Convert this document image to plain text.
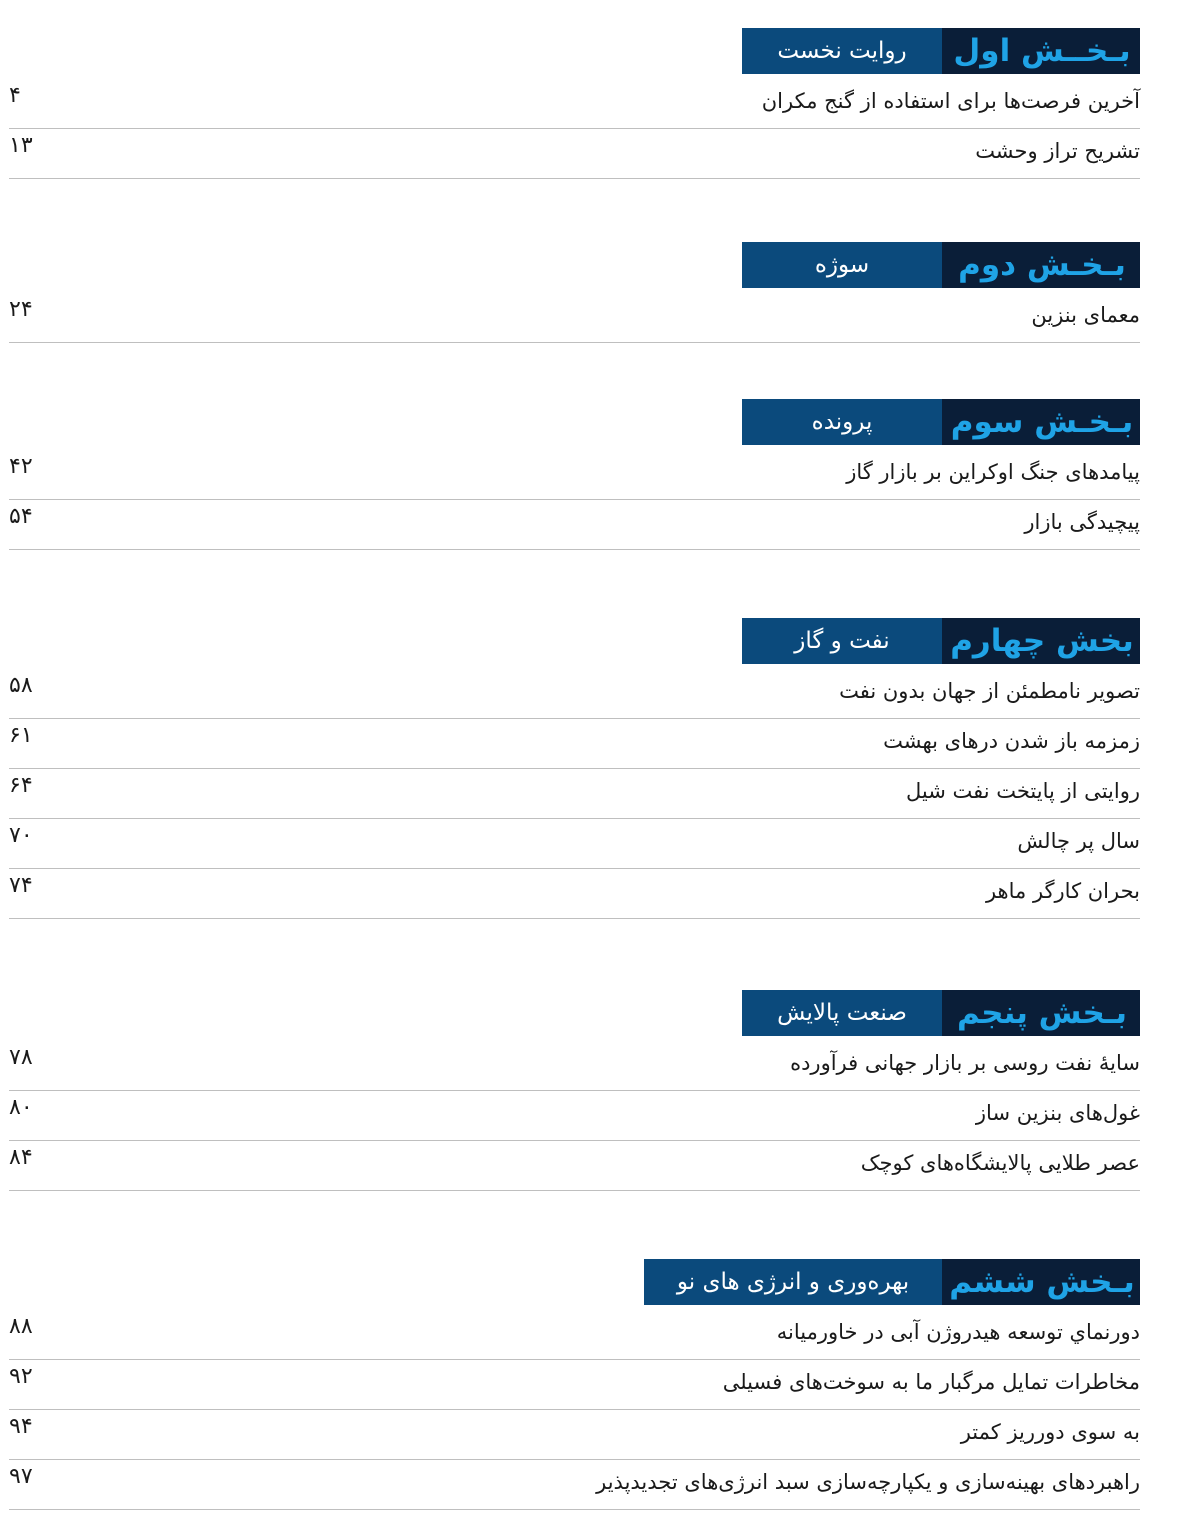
بـخــش اول
روایت نخست
آخرین فرصت‌ها برای استفاده از گنج مکران
۴
تشریح تراز وحشت
۱۳
بـخـش دوم
سوژه
معمای بنزین
۲۴
بـخـش سوم
پرونده
پیامدهای جنگ اوکراین بر بازار گاز
۴۲
پیچیدگی بازار
۵۴
بخش چهارم
نفت و گاز
تصویر نامطمئن از جهان بدون نفت
۵۸
زمزمه باز شدن درهای بهشت
۶۱
روایتی از پایتخت نفت شیل
۶۴
سال پر چالش
۷۰
بحران کارگر ماهر
۷۴
بـخش پنجم
صنعت پالایش
سایهٔ نفت روسی بر بازار جهانی فرآورده
۷۸
غول‌های بنزین ساز
۸۰
عصر طلایی پالایشگاه‌های کوچک
۸۴
بـخش ششم
بهره‌وری و انرژی های نو
دورنماي توسعه هيدروژن آبی در خاورمیانه
۸۸
مخاطرات تمایل مرگبار ما به سوخت‌های فسیلی
۹۲
به سوی دورریز کمتر
۹۴
راهبردهای بهینه‌سازی و یکپارچه‌سازی سبد انرژی‌های تجدیدپذیر
۹۷
